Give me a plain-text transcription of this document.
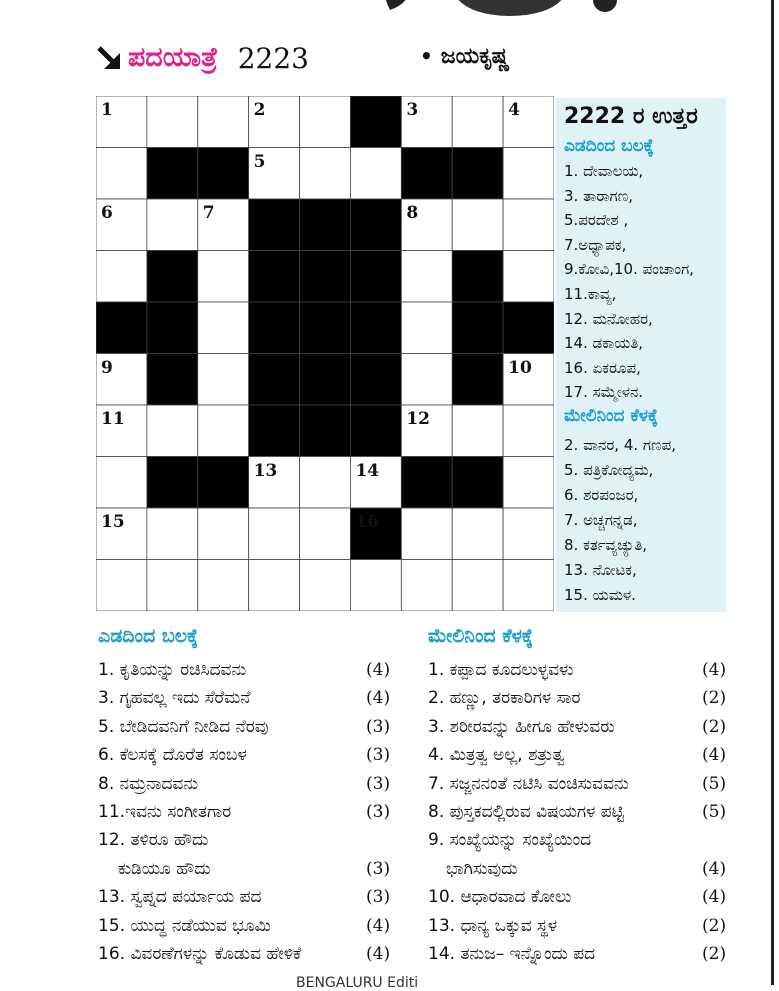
ಪದಯಾತ್ರೆ 2223	• ಜಯಕೃಷ್ಣ
1	2	3	4
5
6	7	8
9	10
11	12
13	14
15	16
2222 ರ ಉತ್ತರ
ಎಡದಿಂದ ಬಲಕ್ಕೆ
1. ದೇವಾಲಯ,
3. ತಾರಾಗಣ,
5.ಪರದೇಶ ,
7.ಅಧ್ಯಾಪಕ,
9.ಕೋವಿ,10. ಪಂಚಾಂಗ,
11.ಕಾವ್ಯ,
12. ಮನೋಹರ,
14. ಡಕಾಯತಿ,
16. ಏಕರೂಪ,
17. ಸಮ್ಮೇಳನ.
ಮೇಲಿನಿಂದ ಕೆಳಕ್ಕೆ
2. ವಾನರ, 4. ಗಣಪ,
5. ಪತ್ರಿಕೋದ್ಯಮ,
6. ಶರಪಂಜರ,
7. ಅಚ್ಚಗನ್ನಡ,
8. ಕರ್ತವ್ಯಚ್ಯುತಿ,
13. ನೋಟಕ,
15. ಯಮಳ.
ಎಡದಿಂದ ಬಲಕ್ಕೆ	ಮೇಲಿನಿಂದ ಕೆಳಕ್ಕೆ
1. ಕೃತಿಯನ್ನು ರಚಿಸಿದವನು	(4)
3. ಗೃಹವಲ್ಲ ಇದು ಸೆರೆಮನೆ	(4)
5. ಬೇಡಿದವನಿಗೆ ನೀಡಿದ ನೆರವು	(3)
6. ಕೆಲಸಕ್ಕೆ ದೊರೆತ ಸಂಬಳ	(3)
8. ನಮ್ರನಾದವನು	(3)
11.ಇವನು ಸಂಗೀತಗಾರ	(3)
12. ತಳಿರೂ ಹೌದು
ಕುಡಿಯೂ ಹೌದು	(3)
13. ಸ್ವಪ್ನದ ಪರ್ಯಾಯ ಪದ	(3)
15. ಯುದ್ಧ ನಡೆಯುವ ಭೂಮಿ	(4)
16. ವಿವರಣೆಗಳನ್ನು ಕೊಡುವ ಹೇಳಿಕೆ	(4)
1. ಕಪ್ಪಾದ ಕೂದಲುಳ್ಳವಳು	(4)
2. ಹಣ್ಣು, ತರಕಾರಿಗಳ ಸಾರ	(2)
3. ಶರೀರವನ್ನು ಹೀಗೂ ಹೇಳುವರು	(2)
4. ಮಿತ್ರತ್ವ ಅಲ್ಲ, ಶತ್ರುತ್ವ	(4)
7. ಸಜ್ಜನನಂತೆ ನಟಿಸಿ ವಂಚಿಸುವವನು	(5)
8. ಪುಸ್ತಕದಲ್ಲಿರುವ ವಿಷಯಗಳ ಪಟ್ಟಿ	(5)
9. ಸಂಖ್ಯೆಯನ್ನು ಸಂಖ್ಯೆಯಿಂದ
ಭಾಗಿಸುವುದು	(4)
10. ಆಧಾರವಾದ ಕೋಲು	(4)
13. ಧಾನ್ಯ ಒಕ್ಕುವ ಸ್ಥಳ	(2)
14. ತನುಜ– ಇನ್ನೊಂದು ಪದ	(2)
BENGALURU Editi
